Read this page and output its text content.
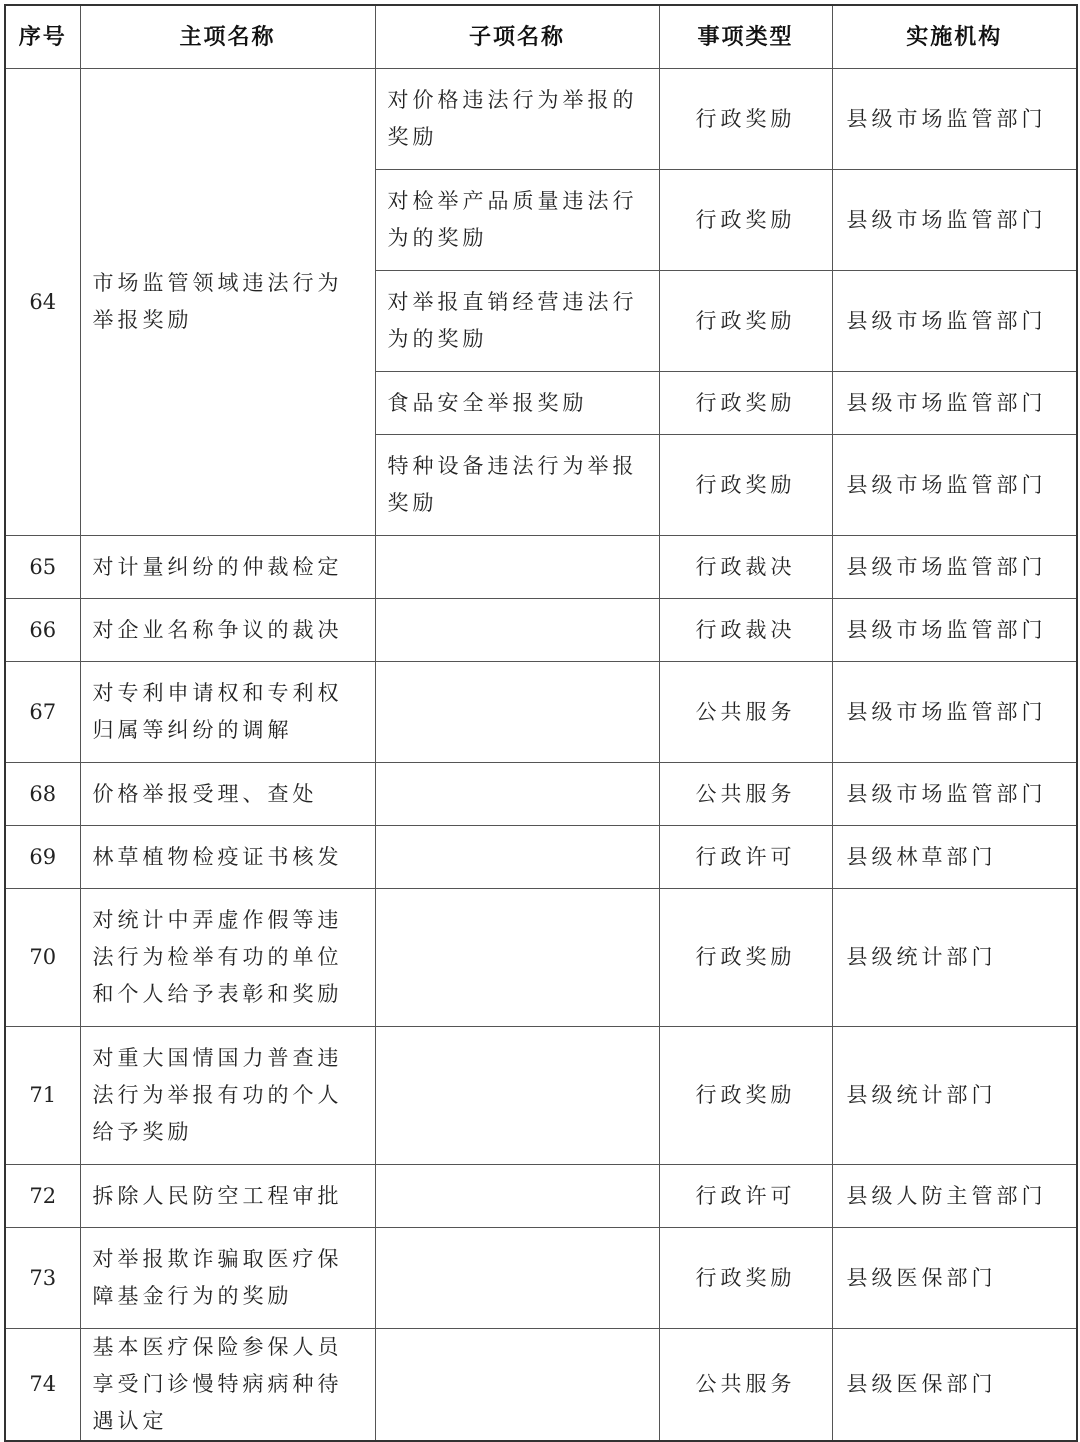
序号	主项名称	子项名称	事项类型	实施机构
64	市场监管领域违法行为举报奖励	对价格违法行为举报的奖励	行政奖励	县级市场监管部门
		对检举产品质量违法行为的奖励	行政奖励	县级市场监管部门
		对举报直销经营违法行为的奖励	行政奖励	县级市场监管部门
		食品安全举报奖励	行政奖励	县级市场监管部门
		特种设备违法行为举报奖励	行政奖励	县级市场监管部门
65	对计量纠纷的仲裁检定		行政裁决	县级市场监管部门
66	对企业名称争议的裁决		行政裁决	县级市场监管部门
67	对专利申请权和专利权归属等纠纷的调解		公共服务	县级市场监管部门
68	价格举报受理、查处		公共服务	县级市场监管部门
69	林草植物检疫证书核发		行政许可	县级林草部门
70	对统计中弄虚作假等违法行为检举有功的单位和个人给予表彰和奖励		行政奖励	县级统计部门
71	对重大国情国力普查违法行为举报有功的个人给予奖励		行政奖励	县级统计部门
72	拆除人民防空工程审批		行政许可	县级人防主管部门
73	对举报欺诈骗取医疗保障基金行为的奖励		行政奖励	县级医保部门
74	基本医疗保险参保人员享受门诊慢特病病种待遇认定		公共服务	县级医保部门
